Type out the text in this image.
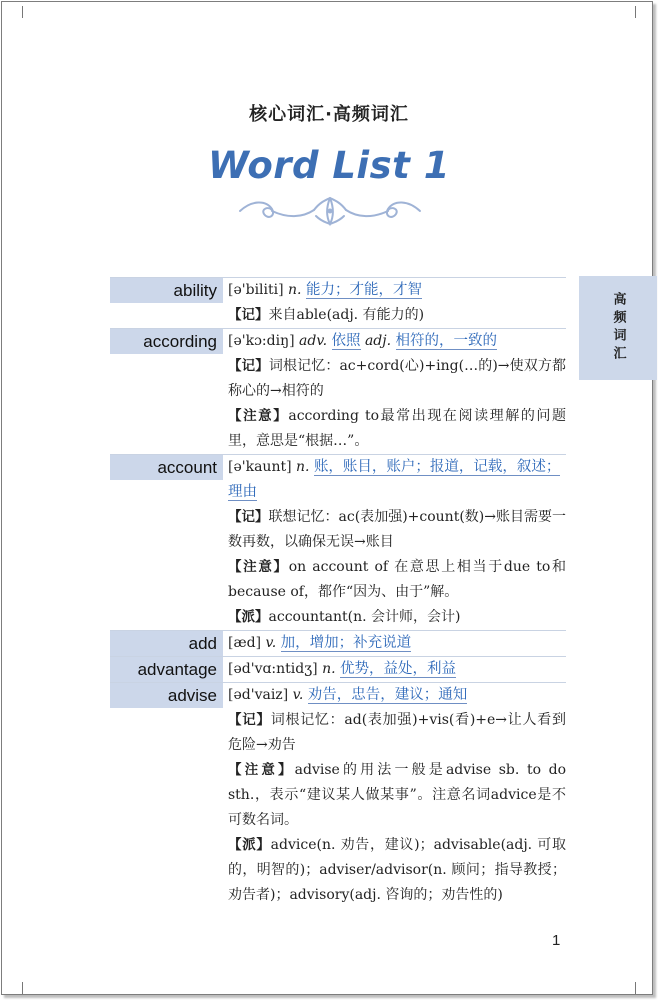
核心词汇·高频词汇
Word List 1
高频词汇
ability [ə'biliti] n. 能力；才能，才智
【记】来自able(adj. 有能力的)
according [ə'kɔ:diŋ] adv. 依照 adj. 相符的，一致的
【记】词根记忆：ac+cord(心)+ing(…的)→使双方都称心的→相符的
【注意】according to最常出现在阅读理解的问题里，意思是“根据…”。
account [ə'kaunt] n. 账，账目，账户；报道，记载，叙述；理由
【记】联想记忆：ac(表加强)+count(数)→账目需要一数再数，以确保无误→账目
【注意】on account of 在意思上相当于due to和because of，都作“因为、由于”解。
【派】accountant(n. 会计师，会计)
add [æd] v. 加，增加；补充说道
advantage [əd'vɑ:ntidʒ] n. 优势，益处，利益
advise [əd'vaiz] v. 劝告，忠告，建议；通知
【记】词根记忆：ad(表加强)+vis(看)+e→让人看到危险→劝告
【注意】advise的用法一般是advise sb. to do sth.，表示“建议某人做某事”。注意名词advice是不可数名词。
【派】advice(n. 劝告，建议)；advisable(adj. 可取的，明智的)；adviser/advisor(n. 顾问；指导教授；劝告者)；advisory(adj. 咨询的；劝告性的)
1
